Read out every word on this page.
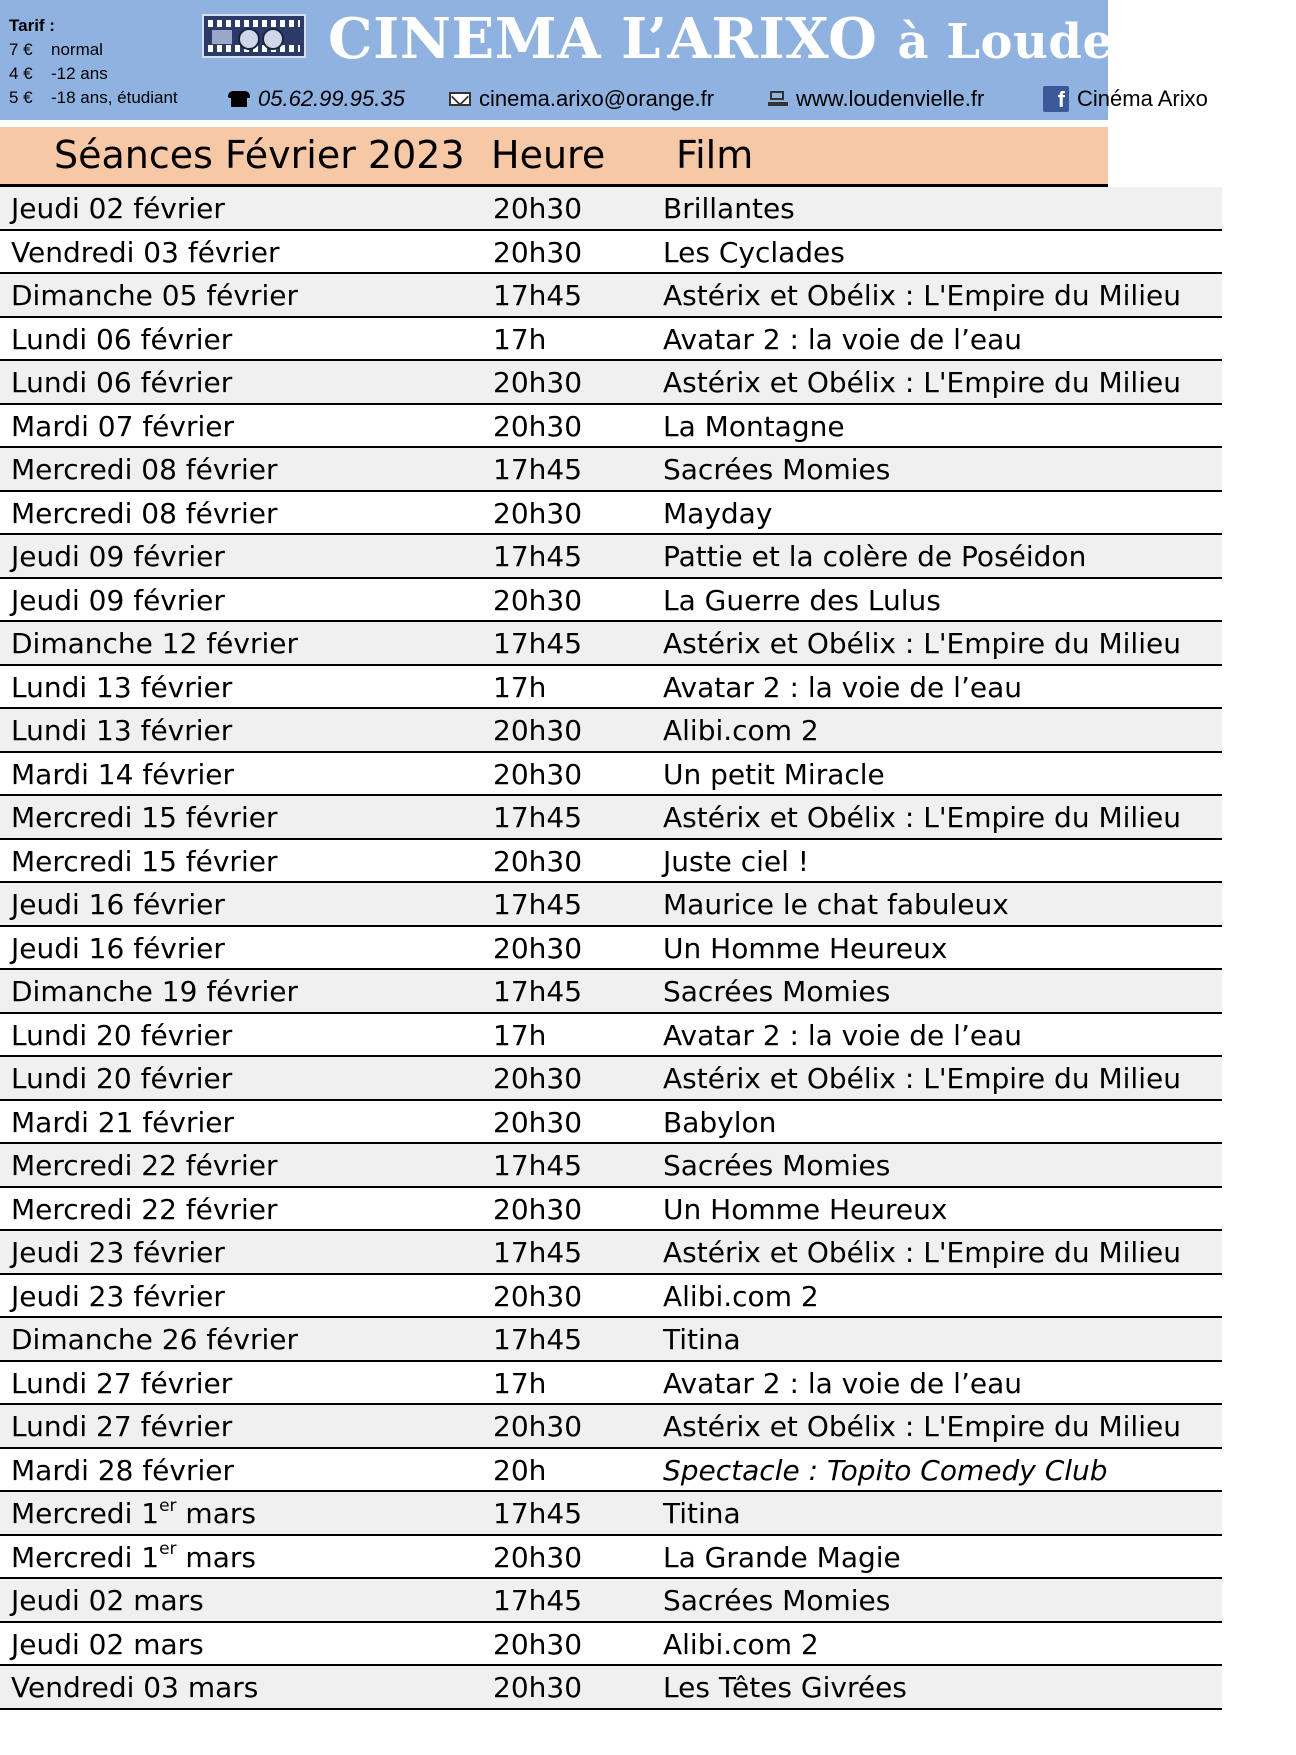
Tarif :
7 € normal
4 € -12 ans
5 € -18 ans, étudiant
CINEMA L’ARIXO à Loudenvielle
05.62.99.95.35	cinema.arixo@orange.fr	www.loudenvielle.fr	f Cinéma Arixo
Séances Février 2023 Heure Film
Jeudi 02 février	20h30	Brillantes
Vendredi 03 février	20h30	Les Cyclades
Dimanche 05 février	17h45	Astérix et Obélix : L'Empire du Milieu
Lundi 06 février	17h	Avatar 2 : la voie de l’eau
Lundi 06 février	20h30	Astérix et Obélix : L'Empire du Milieu
Mardi 07 février	20h30	La Montagne
Mercredi 08 février	17h45	Sacrées Momies
Mercredi 08 février	20h30	Mayday
Jeudi 09 février	17h45	Pattie et la colère de Poséidon
Jeudi 09 février	20h30	La Guerre des Lulus
Dimanche 12 février	17h45	Astérix et Obélix : L'Empire du Milieu
Lundi 13 février	17h	Avatar 2 : la voie de l’eau
Lundi 13 février	20h30	Alibi.com 2
Mardi 14 février	20h30	Un petit Miracle
Mercredi 15 février	17h45	Astérix et Obélix : L'Empire du Milieu
Mercredi 15 février	20h30	Juste ciel !
Jeudi 16 février	17h45	Maurice le chat fabuleux
Jeudi 16 février	20h30	Un Homme Heureux
Dimanche 19 février	17h45	Sacrées Momies
Lundi 20 février	17h	Avatar 2 : la voie de l’eau
Lundi 20 février	20h30	Astérix et Obélix : L'Empire du Milieu
Mardi 21 février	20h30	Babylon
Mercredi 22 février	17h45	Sacrées Momies
Mercredi 22 février	20h30	Un Homme Heureux
Jeudi 23 février	17h45	Astérix et Obélix : L'Empire du Milieu
Jeudi 23 février	20h30	Alibi.com 2
Dimanche 26 février	17h45	Titina
Lundi 27 février	17h	Avatar 2 : la voie de l’eau
Lundi 27 février	20h30	Astérix et Obélix : L'Empire du Milieu
Mardi 28 février	20h	Spectacle : Topito Comedy Club
Mercredi 1er mars	17h45	Titina
Mercredi 1er mars	20h30	La Grande Magie
Jeudi 02 mars	17h45	Sacrées Momies
Jeudi 02 mars	20h30	Alibi.com 2
Vendredi 03 mars	20h30	Les Têtes Givrées
